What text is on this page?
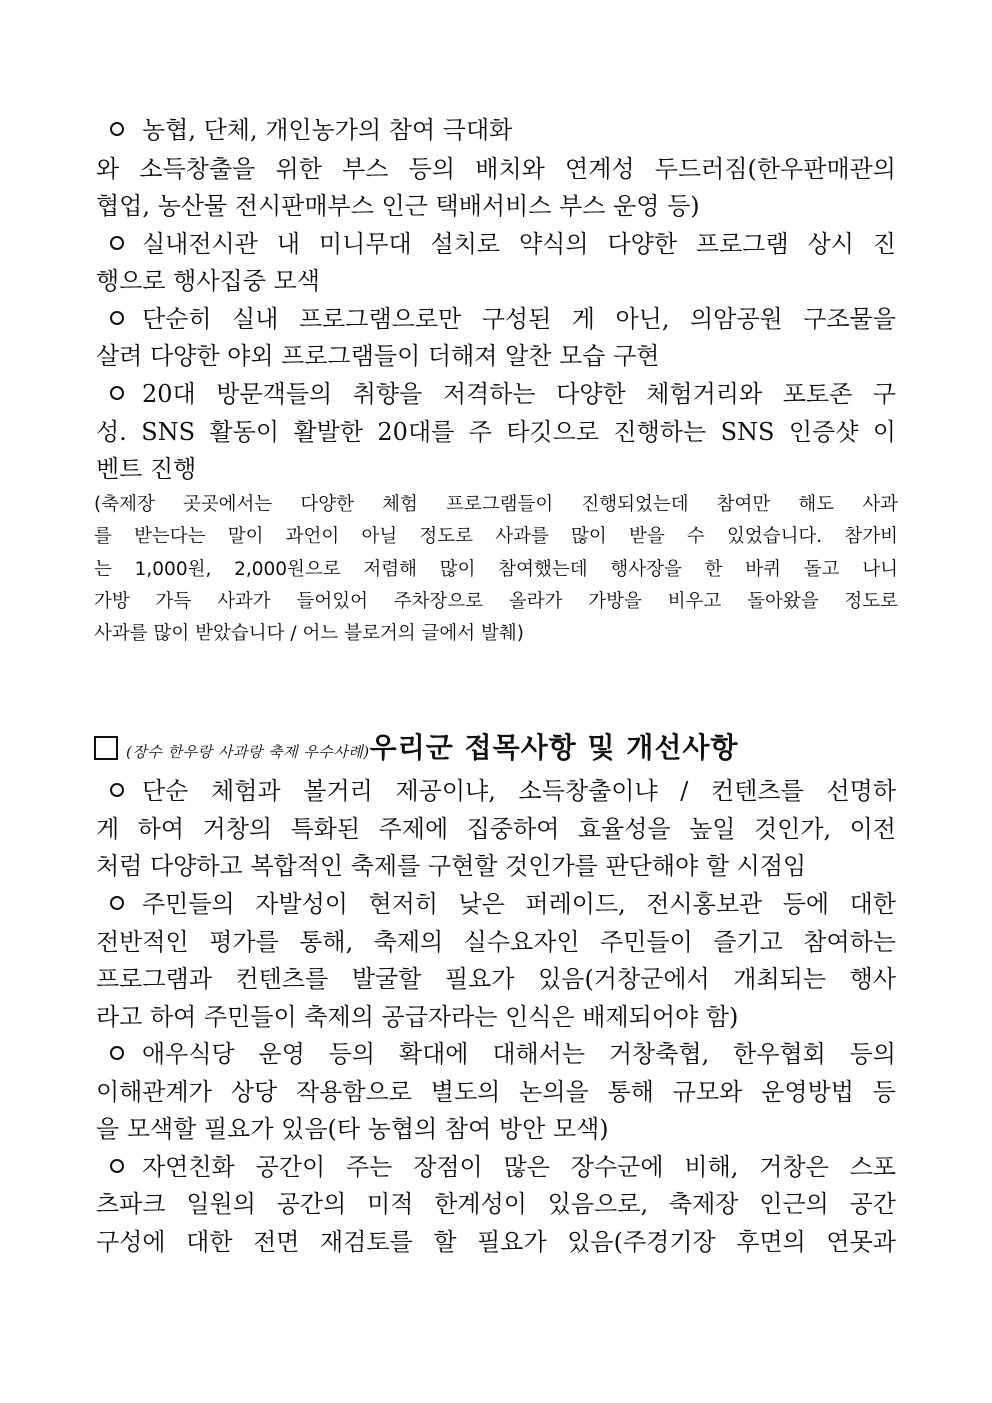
농협, 단체, 개인농가의 참여 극대화
와 소득창출을 위한 부스 등의 배치와 연계성 두드러짐(한우판매관의
협업, 농산물 전시판매부스 인근 택배서비스 부스 운영 등)
실내전시관 내 미니무대 설치로 약식의 다양한 프로그램 상시 진
행으로 행사집중 모색
단순히 실내 프로그램으로만 구성된 게 아닌, 의암공원 구조물을
살려 다양한 야외 프로그램들이 더해져 알찬 모습 구현
20대 방문객들의 취향을 저격하는 다양한 체험거리와 포토존 구
성. SNS 활동이 활발한 20대를 주 타깃으로 진행하는 SNS 인증샷 이
벤트 진행
(축제장 곳곳에서는 다양한 체험 프로그램들이 진행되었는데 참여만 해도 사과
를 받는다는 말이 과언이 아닐 정도로 사과를 많이 받을 수 있었습니다. 참가비
는 1,000원, 2,000원으로 저렴해 많이 참여했는데 행사장을 한 바퀴 돌고 나니
가방 가득 사과가 들어있어 주차장으로 올라가 가방을 비우고 돌아왔을 정도로
사과를 많이 받았습니다 / 어느 블로거의 글에서 발췌)
(장수 한우랑 사과랑 축제 우수사례)우리군 접목사항 및 개선사항
단순 체험과 볼거리 제공이냐, 소득창출이냐 / 컨텐츠를 선명하
게 하여 거창의 특화된 주제에 집중하여 효율성을 높일 것인가, 이전
처럼 다양하고 복합적인 축제를 구현할 것인가를 판단해야 할 시점임
주민들의 자발성이 현저히 낮은 퍼레이드, 전시홍보관 등에 대한
전반적인 평가를 통해, 축제의 실수요자인 주민들이 즐기고 참여하는
프로그램과 컨텐츠를 발굴할 필요가 있음(거창군에서 개최되는 행사
라고 하여 주민들이 축제의 공급자라는 인식은 배제되어야 함)
애우식당 운영 등의 확대에 대해서는 거창축협, 한우협회 등의
이해관계가 상당 작용함으로 별도의 논의을 통해 규모와 운영방법 등
을 모색할 필요가 있음(타 농협의 참여 방안 모색)
자연친화 공간이 주는 장점이 많은 장수군에 비해, 거창은 스포
츠파크 일원의 공간의 미적 한계성이 있음으로, 축제장 인근의 공간
구성에 대한 전면 재검토를 할 필요가 있음(주경기장 후면의 연못과
